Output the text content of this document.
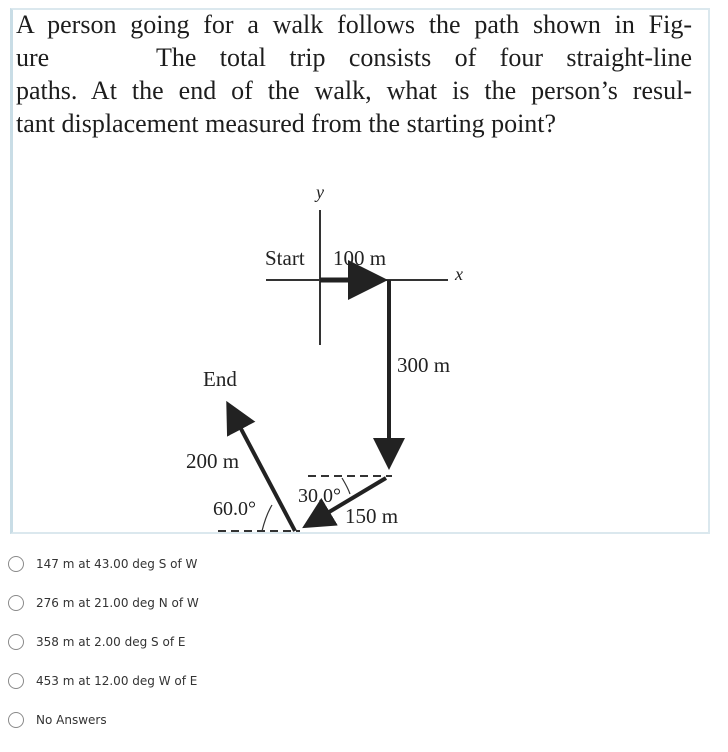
A person going for a walk follows the path shown in Fig-
ure	The total trip consists of four straight-line
paths. At the end of the walk, what is the person’s resul-
tant displacement measured from the starting point?
y
x
Start 100 m
300 m
30.0°
150 m
End
200 m
60.0°
147 m at 43.00 deg S of W
276 m at 21.00 deg N of W
358 m at 2.00 deg S of E
453 m at 12.00 deg W of E
No Answers
